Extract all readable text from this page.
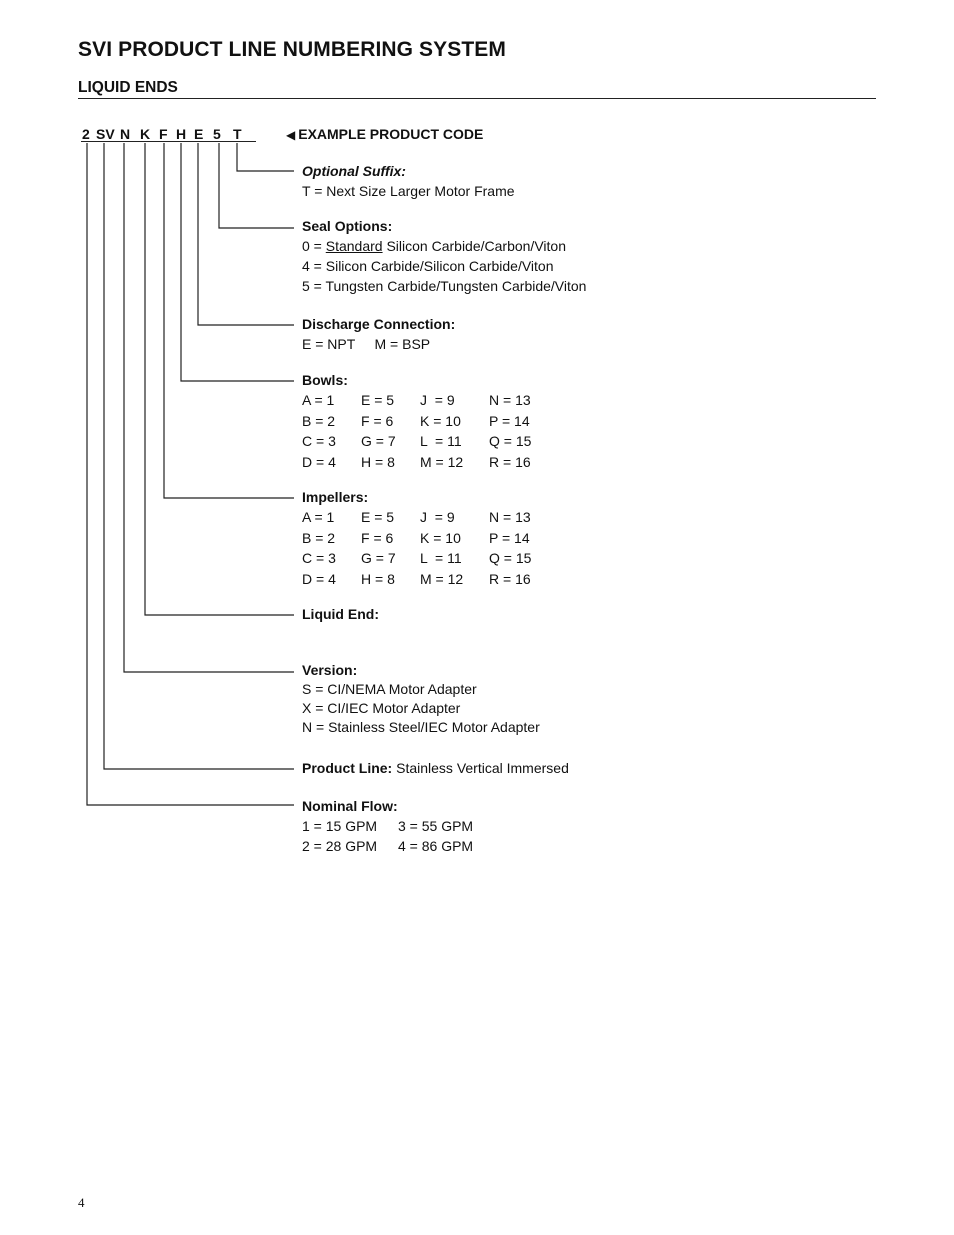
SVI PRODUCT LINE NUMBERING SYSTEM
LIQUID ENDS
2 SV N K F H E 5 T	◀ EXAMPLE PRODUCT CODE
Optional Suffix:
T = Next Size Larger Motor Frame
Seal Options:
0 = Standard Silicon Carbide/Carbon/Viton
4 = Silicon Carbide/Silicon Carbide/Viton
5 = Tungsten Carbide/Tungsten Carbide/Viton
Discharge Connection:
E = NPT     M = BSP
Bowls:
A = 1	E = 5	J  = 9	N = 13
B = 2	F = 6	K = 10	P = 14
C = 3	G = 7	L  = 11	Q = 15
D = 4	H = 8	M = 12	R = 16
Impellers:
A = 1	E = 5	J  = 9	N = 13
B = 2	F = 6	K = 10	P = 14
C = 3	G = 7	L  = 11	Q = 15
D = 4	H = 8	M = 12	R = 16
Liquid End:
Version:
S = CI/NEMA Motor Adapter
X = CI/IEC Motor Adapter
N = Stainless Steel/IEC Motor Adapter
Product Line: Stainless Vertical Immersed
Nominal Flow:
1 = 15 GPM	3 = 55 GPM
2 = 28 GPM	4 = 86 GPM
4
